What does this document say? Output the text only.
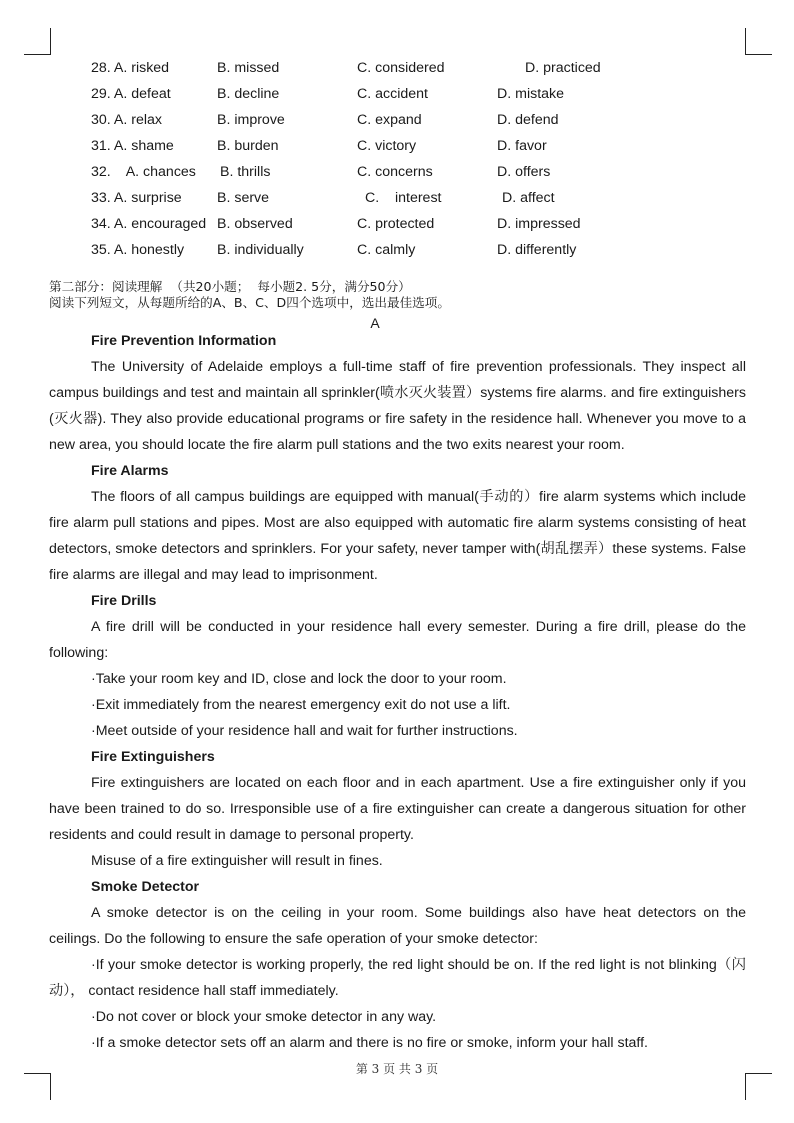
28. A. risked	B. missed	C. considered	D. practiced
29. A. defeat	B. decline	C. accident	D. mistake
30. A. relax	B. improve	C. expand	D. defend
31. A. shame	B. burden	C. victory	D. favor
32.    A. chances B. thrills	C. concerns	D. offers
33. A. surprise B. serve	C.    interest	D. affect
34. A. encouraged B. observed	C. protected	D. impressed
35. A. honestly B. individually	C. calmly	D. differently
第二部分：阅读理解  （共20小题；  每小题2. 5分，满分50分）
阅读下列短文，从每题所给的A、B、C、D四个选项中，选出最佳选项。
A

Fire Prevention Information

The University of Adelaide employs a full-time staff of fire prevention professionals. They inspect all campus buildings and test and maintain all sprinkler(喷水灭火装置）systems fire alarms. and fire extinguishers (灭火器). They also provide educational programs or fire safety in the residence hall. Whenever you move to a new area, you should locate the fire alarm pull stations and the two exits nearest your room.

Fire Alarms

The floors of all campus buildings are equipped with manual(手动的）fire alarm systems which include fire alarm pull stations and pipes. Most are also equipped with automatic fire alarm systems consisting of heat detectors, smoke detectors and sprinklers. For your safety, never tamper with(胡乱摆弄）these systems. False fire alarms are illegal and may lead to imprisonment.

Fire Drills

A fire drill will be conducted in your residence hall every semester. During a fire drill, please do the following:

·Take your room key and ID, close and lock the door to your room.

·Exit immediately from the nearest emergency exit do not use a lift.

·Meet outside of your residence hall and wait for further instructions.

Fire Extinguishers

Fire extinguishers are located on each floor and in each apartment. Use a fire extinguisher only if you have been trained to do so. Irresponsible use of a fire extinguisher can create a dangerous situation for other residents and could result in damage to personal property.

Misuse of a fire extinguisher will result in fines.

Smoke Detector

A smoke detector is on the ceiling in your room. Some buildings also have heat detectors on the ceilings. Do the following to ensure the safe operation of your smoke detector:

·If your smoke detector is working properly, the red light should be on. If the red light is not blinking（闪动）， contact residence hall staff immediately.

·Do not cover or block your smoke detector in any way.

·If a smoke detector sets off an alarm and there is no fire or smoke, inform your hall staff.

第 3 页 共 3 页
